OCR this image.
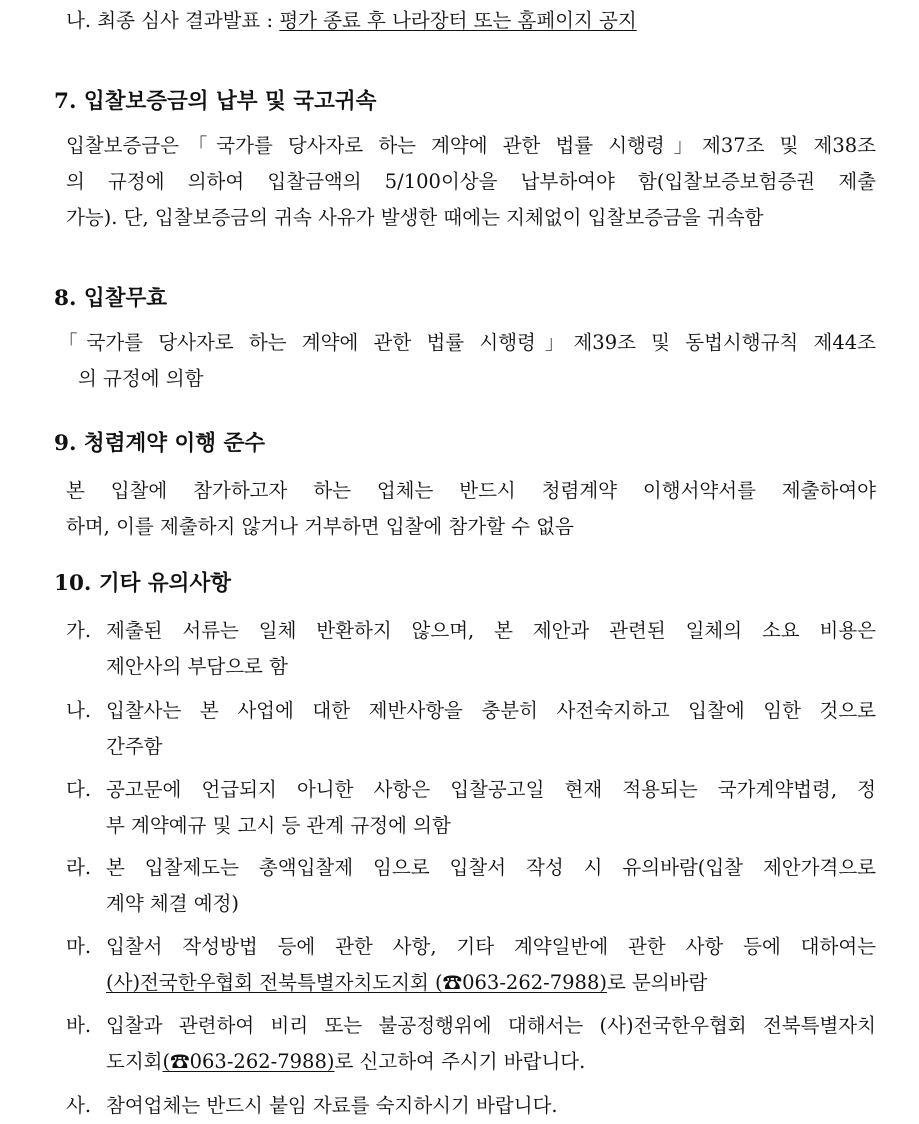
나. 최종 심사 결과발표 : 평가 종료 후 나라장터 또는 홈페이지 공지
7. 입찰보증금의 납부 및 국고귀속
입찰보증금은「국가를 당사자로 하는 계약에 관한 법률 시행령」제37조 및 제38조
의 규정에 의하여 입찰금액의 5/100이상을 납부하여야 함(입찰보증보험증권 제출
가능). 단, 입찰보증금의 귀속 사유가 발생한 때에는 지체없이 입찰보증금을 귀속함
8. 입찰무효
「국가를 당사자로 하는 계약에 관한 법률 시행령」제39조 및 동법시행규칙 제44조
의 규정에 의함
9. 청렴계약 이행 준수
본 입찰에 참가하고자 하는 업체는 반드시 청렴계약 이행서약서를 제출하여야
하며, 이를 제출하지 않거나 거부하면 입찰에 참가할 수 없음
10. 기타 유의사항
가. 제출된 서류는 일체 반환하지 않으며, 본 제안과 관련된 일체의 소요 비용은
제안사의 부담으로 함
나. 입찰사는 본 사업에 대한 제반사항을 충분히 사전숙지하고 입찰에 임한 것으로
간주함
다. 공고문에 언급되지 아니한 사항은 입찰공고일 현재 적용되는 국가계약법령, 정
부 계약예규 및 고시 등 관계 규정에 의함
라. 본 입찰제도는 총액입찰제 임으로 입찰서 작성 시 유의바람(입찰 제안가격으로
계약 체결 예정)
마. 입찰서 작성방법 등에 관한 사항, 기타 계약일반에 관한 사항 등에 대하여는
(사)전국한우협회 전북특별자치도지회 (☎063-262-7988)로 문의바람
바. 입찰과 관련하여 비리 또는 불공정행위에 대해서는 (사)전국한우협회 전북특별자치
도지회(☎063-262-7988)로 신고하여 주시기 바랍니다.
사. 참여업체는 반드시 붙임 자료를 숙지하시기 바랍니다.
